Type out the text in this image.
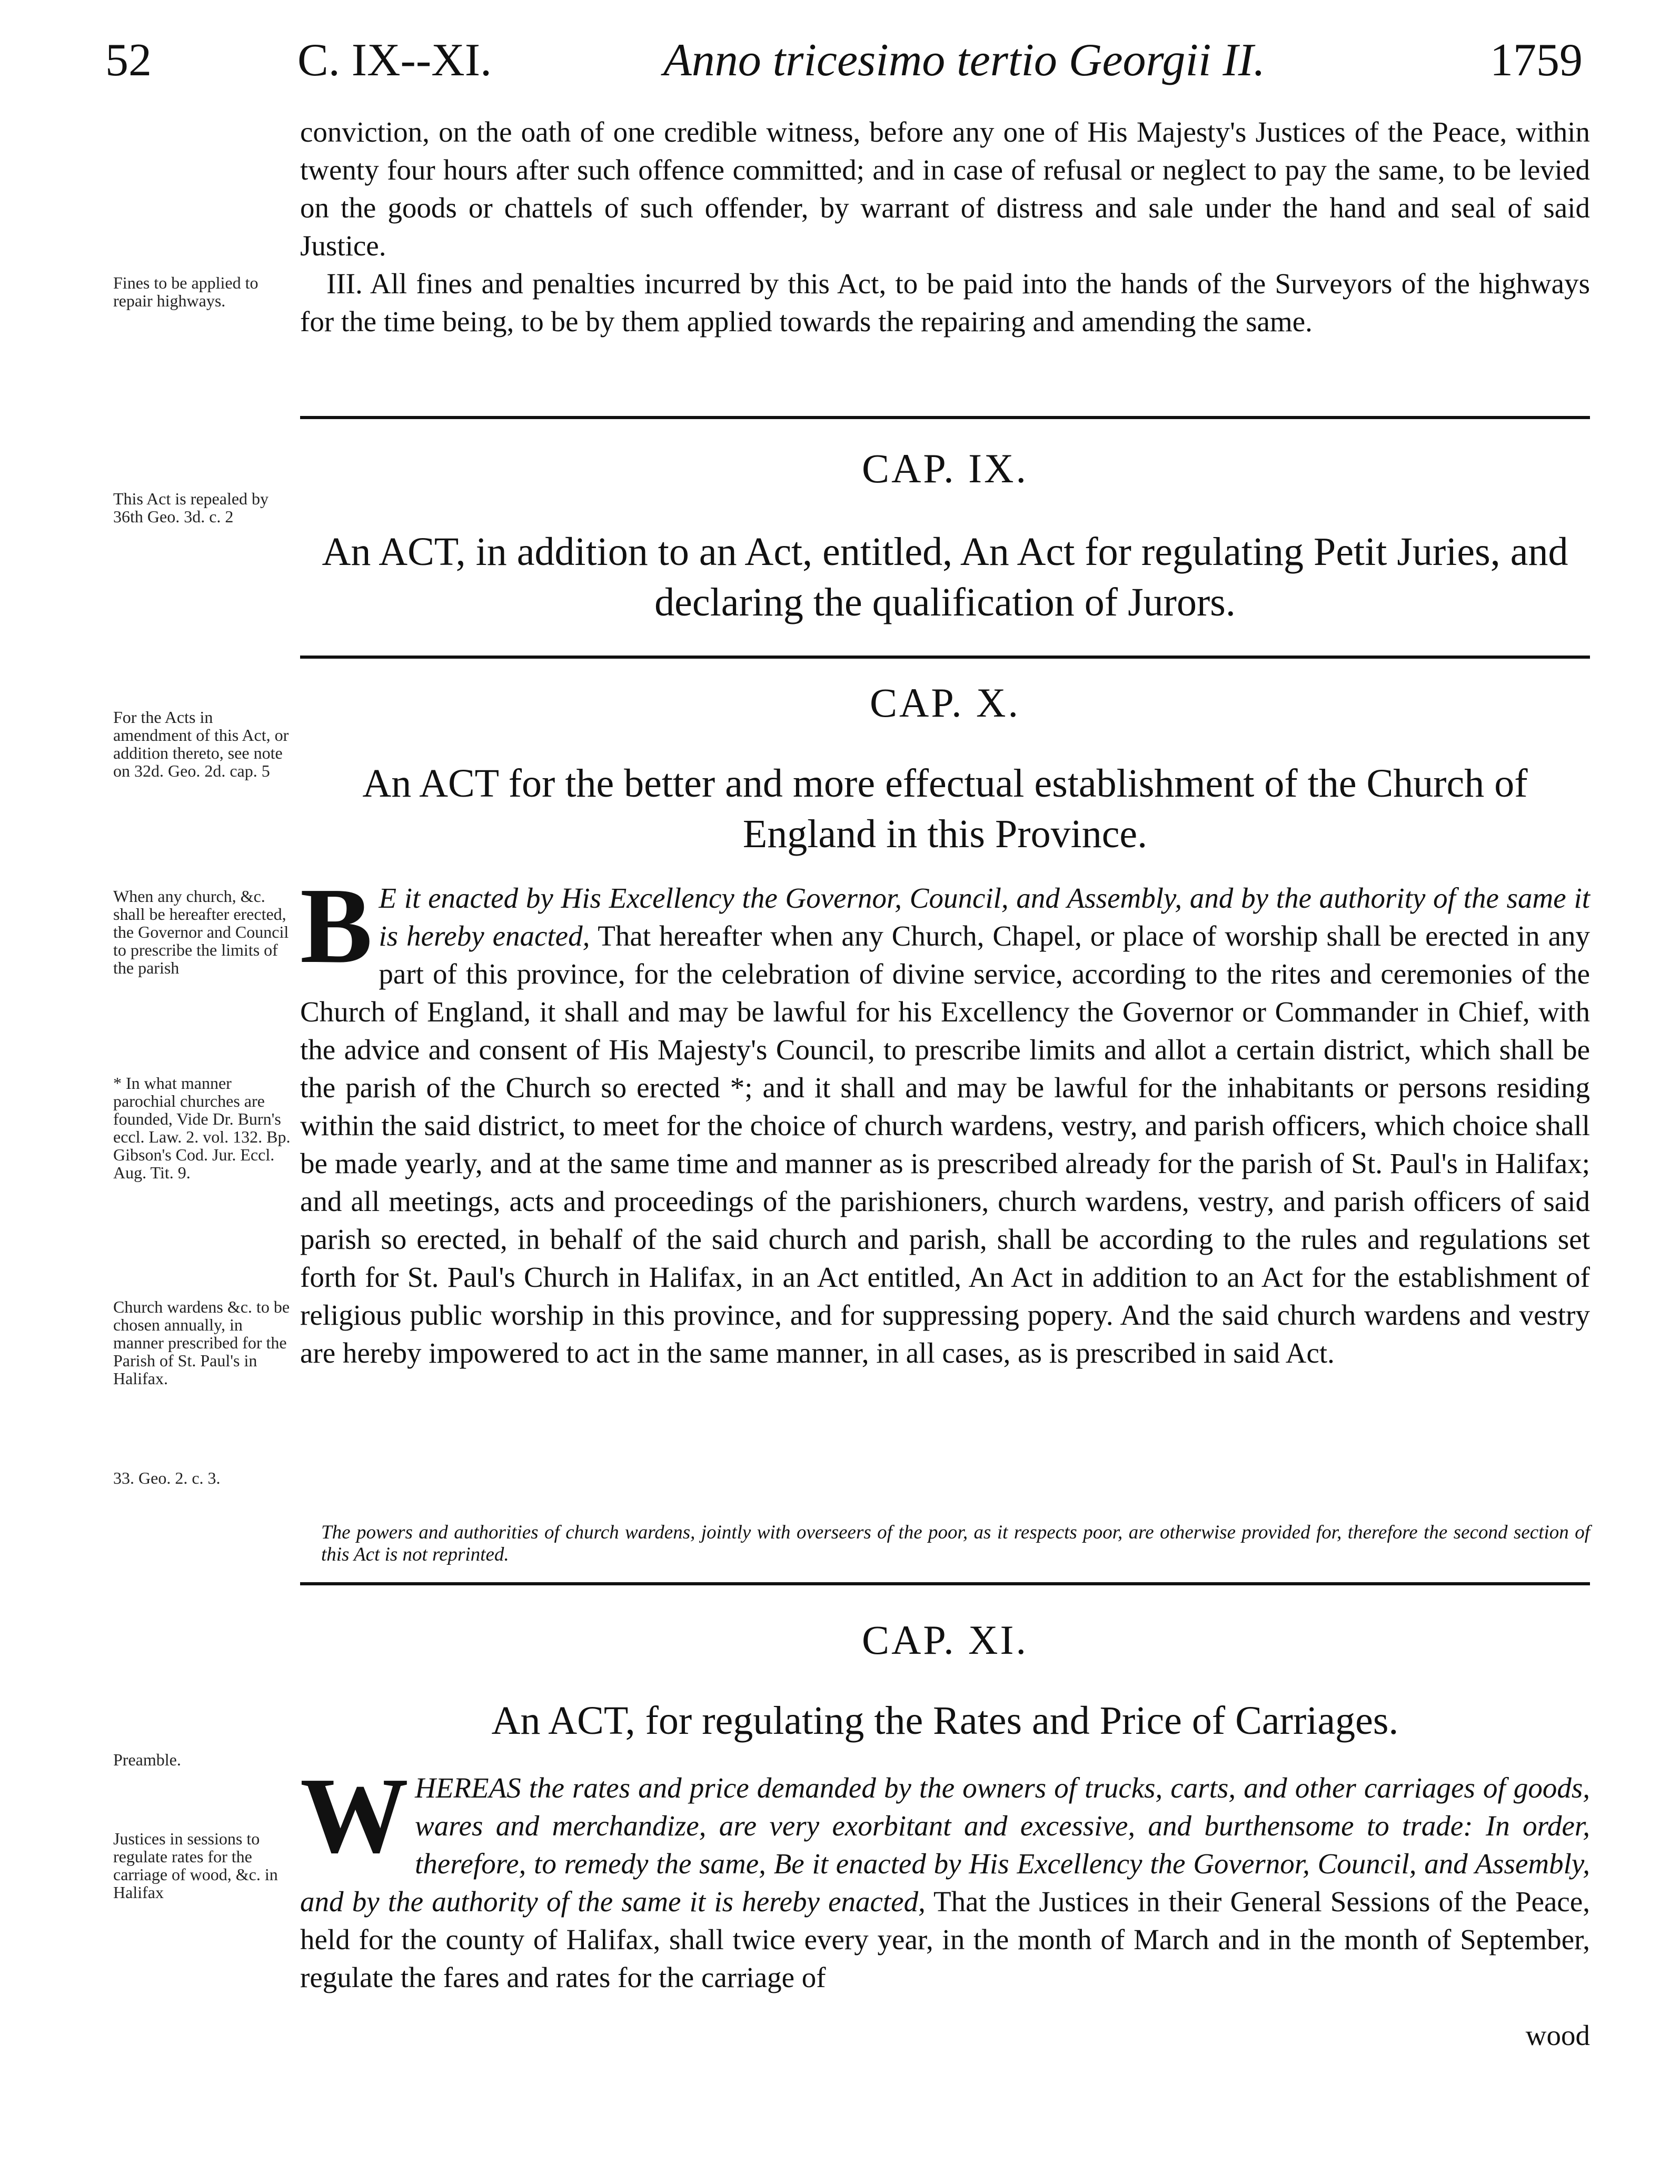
52	C. IX--XI.	Anno tricesimo tertio Georgii II.	1759

conviction, on the oath of one credible witness, before any one of His Majesty's Justices of the Peace, within twenty four hours after such offence committed; and in case of refusal or neglect to pay the same, to be levied on the goods or chattels of such offender, by warrant of distress and sale under the hand and seal of said Justice.

III. All fines and penalties incurred by this Act, to be paid into the hands of the Surveyors of the highways for the time being, to be by them applied towards the repairing and amending the same.

Fines to be applied to repair highways.
CAP. IX.
An ACT, in addition to an Act, entitled, An Act for regulating Petit Juries, and declaring the qualification of Jurors.
This Act is repealed by 36th Geo. 3d. c. 2
CAP. X.
An ACT for the better and more effectual establishment of the Church of England in this Province.
For the Acts in amendment of this Act, or addition thereto, see note on 32d. Geo. 2d. cap. 5
B E it enacted by His Excellency the Governor, Council, and Assembly, and by the authority of the same it is hereby enacted, That hereafter when any Church, Chapel, or place of worship shall be erected in any part of this province, for the celebration of divine service, according to the rites and ceremonies of the Church of England, it shall and may be lawful for his Excellency the Governor or Commander in Chief, with the advice and consent of His Majesty's Council, to prescribe limits and allot a certain district, which shall be the parish of the Church so erected *; and it shall and may be lawful for the inhabitants or persons residing within the said district, to meet for the choice of church wardens, vestry, and parish officers, which choice shall be made yearly, and at the same time and manner as is prescribed already for the parish of St. Paul's in Halifax; and all meetings, acts and proceedings of the parishioners, church wardens, vestry, and parish officers of said parish so erected, in behalf of the said church and parish, shall be according to the rules and regulations set forth for St. Paul's Church in Halifax, in an Act entitled, An Act in addition to an Act for the establishment of religious public worship in this province, and for suppressing popery. And the said church wardens and vestry are hereby impowered to act in the same manner, in all cases, as is prescribed in said Act.
When any church, &c. shall be hereafter erected, the Governor and Council to prescribe the limits of the parish
* In what manner parochial churches are founded, Vide Dr. Burn's eccl. Law. 2. vol. 132. Bp. Gibson's Cod. Jur. Eccl. Aug. Tit. 9.
Church wardens &c. to be chosen annually, in manner prescribed for the Parish of St. Paul's in Halifax.
33. Geo. 2. c. 3.
The powers and authorities of church wardens, jointly with overseers of the poor, as it respects poor, are otherwise provided for, therefore the second section of this Act is not reprinted.
CAP. XI.
An ACT, for regulating the Rates and Price of Carriages.
Preamble.
Justices in sessions to regulate rates for the carriage of wood, &c. in Halifax
W HEREAS the rates and price demanded by the owners of trucks, carts, and other carriages of goods, wares and merchandize, are very exorbitant and excessive, and burthensome to trade: In order, therefore, to remedy the same, Be it enacted by His Excellency the Governor, Council, and Assembly, and by the authority of the same it is hereby enacted, That the Justices in their General Sessions of the Peace, held for the county of Halifax, shall twice every year, in the month of March and in the month of September, regulate the fares and rates for the carriage of
wood
